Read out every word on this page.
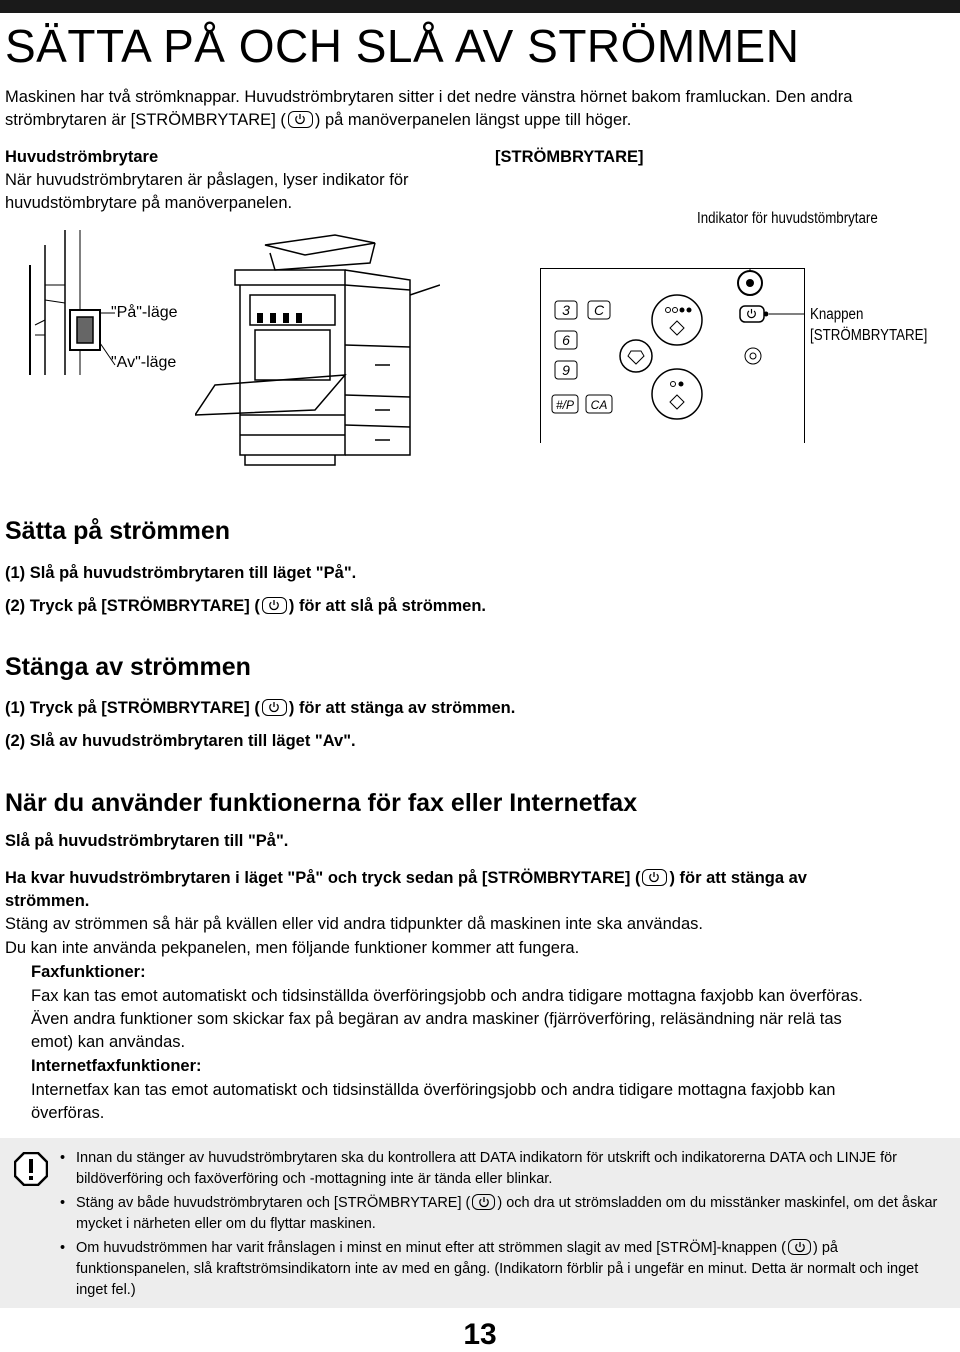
SÄTTA PÅ OCH SLÅ AV STRÖMMEN
Maskinen har två strömknappar. Huvudströmbrytaren sitter i det nedre vänstra hörnet bakom framluckan. Den andra
strömbrytaren är [STRÖMBRYTARE] ( ) på manöverpanelen längst uppe till höger.
Huvudströmbrytare
När huvudströmbrytaren är påslagen, lyser indikator för
huvudstömbrytare på manöverpanelen.
[STRÖMBRYTARE]
Indikator för huvudstömbrytare
"På"-läge
"Av"-läge
3
6
9
#/P
C
CA
Knappen
[STRÖMBRYTARE]
Sätta på strömmen
(1) Slå på huvudströmbrytaren till läget "På".
(2) Tryck på [STRÖMBRYTARE] ( ) för att slå på strömmen.
Stänga av strömmen
(1) Tryck på [STRÖMBRYTARE] ( ) för att stänga av strömmen.
(2) Slå av huvudströmbrytaren till läget "Av".
När du använder funktionerna för fax eller Internetfax
Slå på huvudströmbrytaren till "På".
Ha kvar huvudströmbrytaren i läget "På" och tryck sedan på [STRÖMBRYTARE] ( ) för att stänga av
strömmen.
Stäng av strömmen så här på kvällen eller vid andra tidpunkter då maskinen inte ska användas.
Du kan inte använda pekpanelen, men följande funktioner kommer att fungera.
Faxfunktioner:
Fax kan tas emot automatiskt och tidsinställda överföringsjobb och andra tidigare mottagna faxjobb kan överföras.
Även andra funktioner som skickar fax på begäran av andra maskiner (fjärröverföring, reläsändning när relä tas
emot) kan användas.
Internetfaxfunktioner:
Internetfax kan tas emot automatiskt och tidsinställda överföringsjobb och andra tidigare mottagna faxjobb kan
överföras.
• Innan du stänger av huvudströmbrytaren ska du kontrollera att DATA indikatorn för utskrift och indikatorerna DATA och LINJE för bildöverföring och faxöverföring och -mottagning inte är tända eller blinkar.
• Stäng av både huvudströmbrytaren och [STRÖMBRYTARE] ( ) och dra ut strömsladden om du misstänker maskinfel, om det åskar mycket i närheten eller om du flyttar maskinen.
• Om huvudströmmen har varit frånslagen i minst en minut efter att strömmen slagit av med [STRÖM]-knappen ( ) på funktionspanelen, slå kraftströmsindikatorn inte av med en gång. (Indikatorn förblir på i ungefär en minut. Detta är normalt och inget inget fel.)
13
